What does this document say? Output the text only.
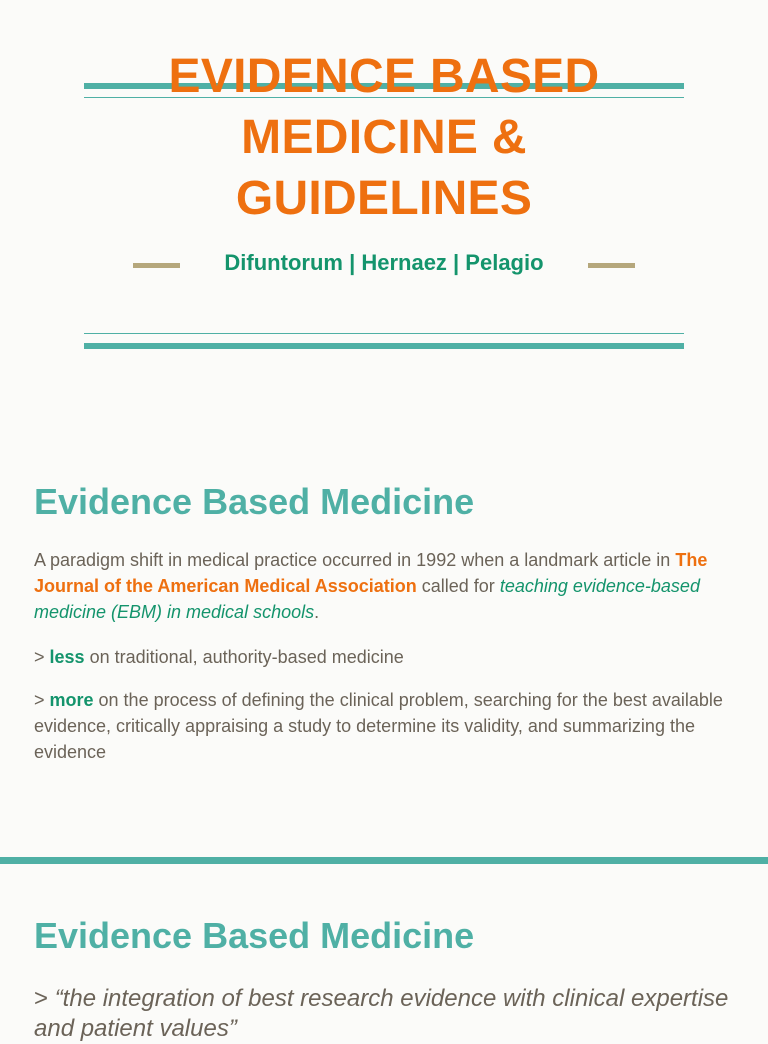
EVIDENCE BASED
MEDICINE &
GUIDELINES
Difuntorum | Hernaez | Pelagio
Evidence Based Medicine

A paradigm shift in medical practice occurred in 1992 when a landmark article in The Journal of the American Medical Association called for teaching evidence-based medicine (EBM) in medical schools.

> less on traditional, authority-based medicine

> more on the process of defining the clinical problem, searching for the best available evidence, critically appraising a study to determine its validity, and summarizing the evidence

Evidence Based Medicine

> “the integration of best research evidence with clinical expertise and patient values”
